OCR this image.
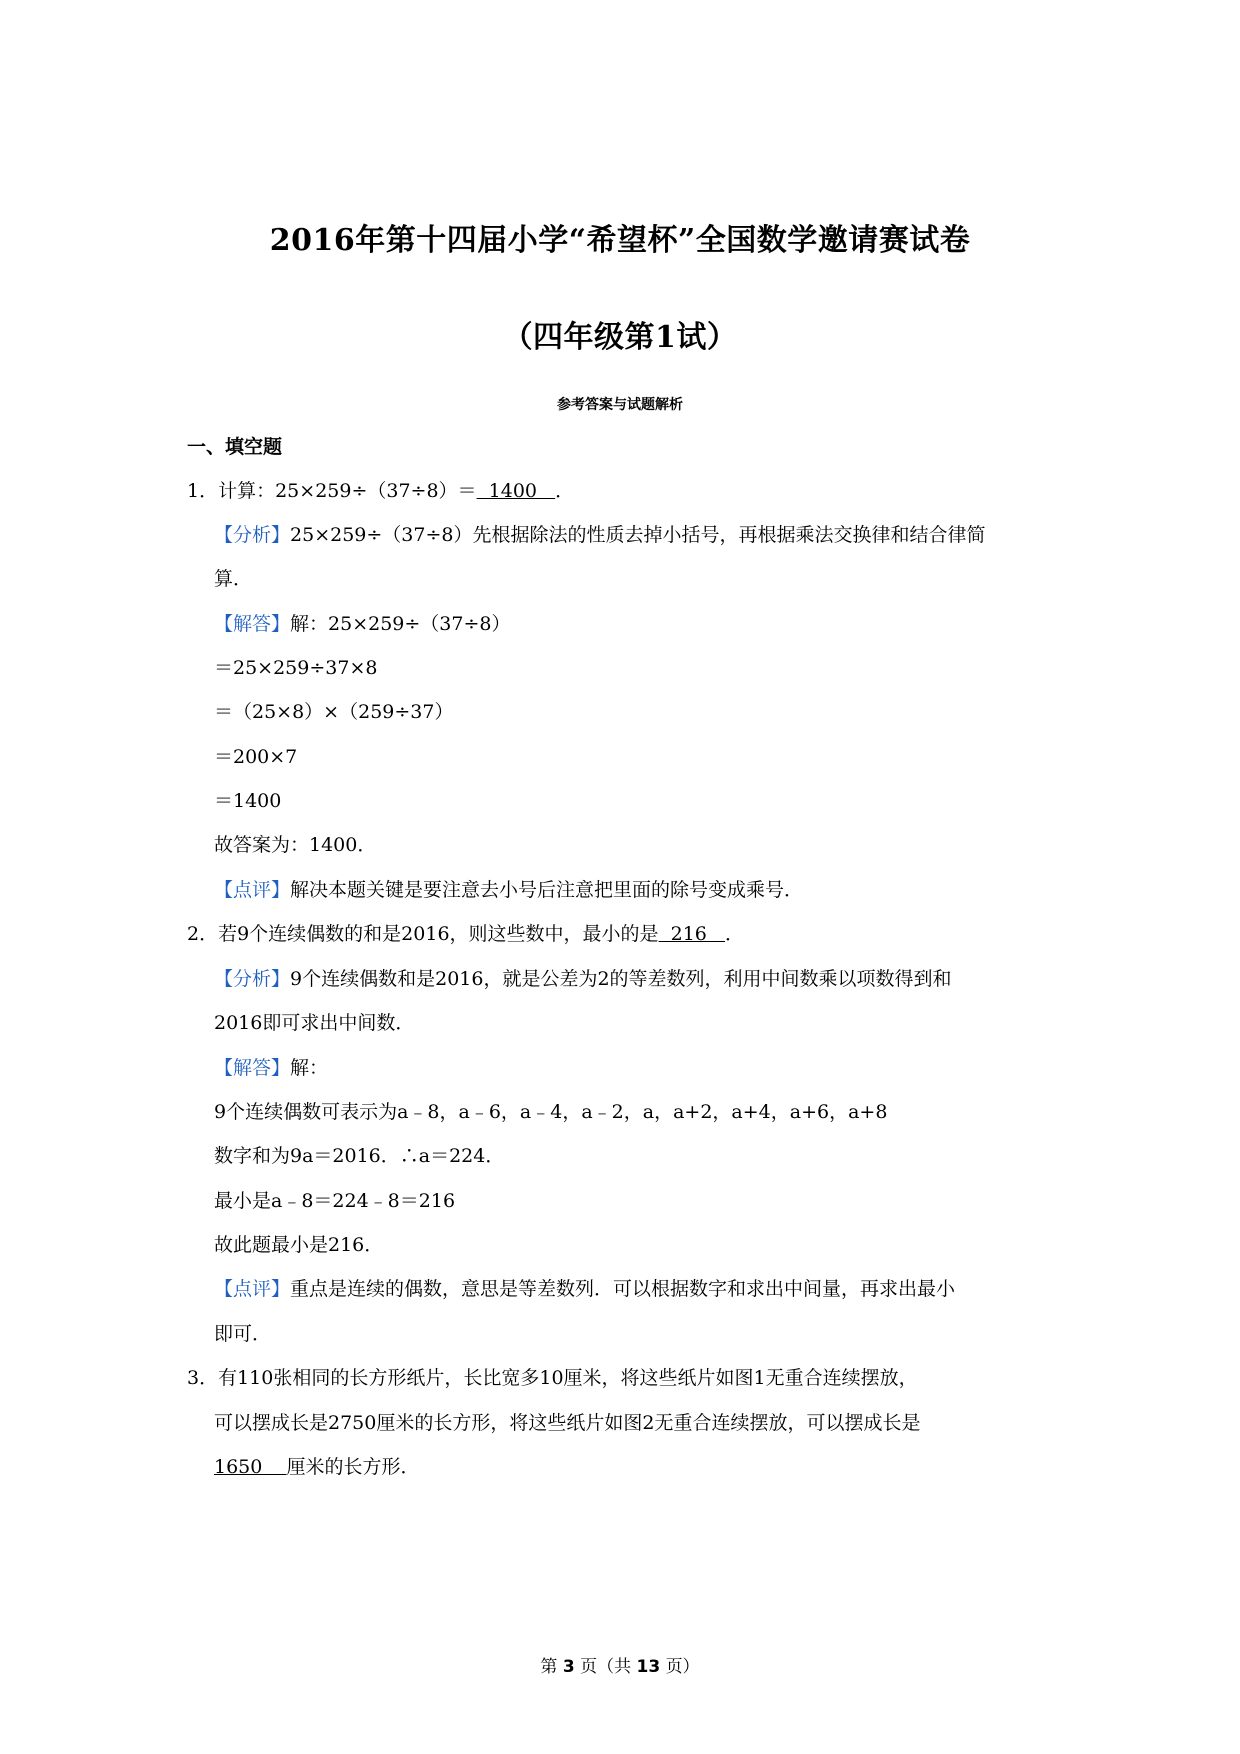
2016年第十四届小学“希望杯”全国数学邀请赛试卷
（四年级第1试）
参考答案与试题解析
一、填空题
1．计算：25×259÷（37÷8）＝  1400   ．
【分析】25×259÷（37÷8）先根据除法的性质去掉小括号，再根据乘法交换律和结合律简
算．
【解答】解：25×259÷（37÷8）
＝25×259÷37×8
＝（25×8）×（259÷37）
＝200×7
＝1400
故答案为：1400．
【点评】解决本题关键是要注意去小号后注意把里面的除号变成乘号．
2．若9个连续偶数的和是2016，则这些数中，最小的是  216   ．
【分析】9个连续偶数和是2016，就是公差为2的等差数列，利用中间数乘以项数得到和
2016即可求出中间数．
【解答】解：
9个连续偶数可表示为a﹣8，a﹣6，a﹣4，a﹣2，a，a+2，a+4，a+6，a+8
数字和为9a＝2016．∴a＝224．
最小是a﹣8＝224﹣8＝216
故此题最小是216．
【点评】重点是连续的偶数，意思是等差数列．可以根据数字和求出中间量，再求出最小
即可．
3．有110张相同的长方形纸片，长比宽多10厘米，将这些纸片如图1无重合连续摆放，
可以摆成长是2750厘米的长方形，将这些纸片如图2无重合连续摆放，可以摆成长是
1650    厘米的长方形．
第 3 页（共 13 页）
